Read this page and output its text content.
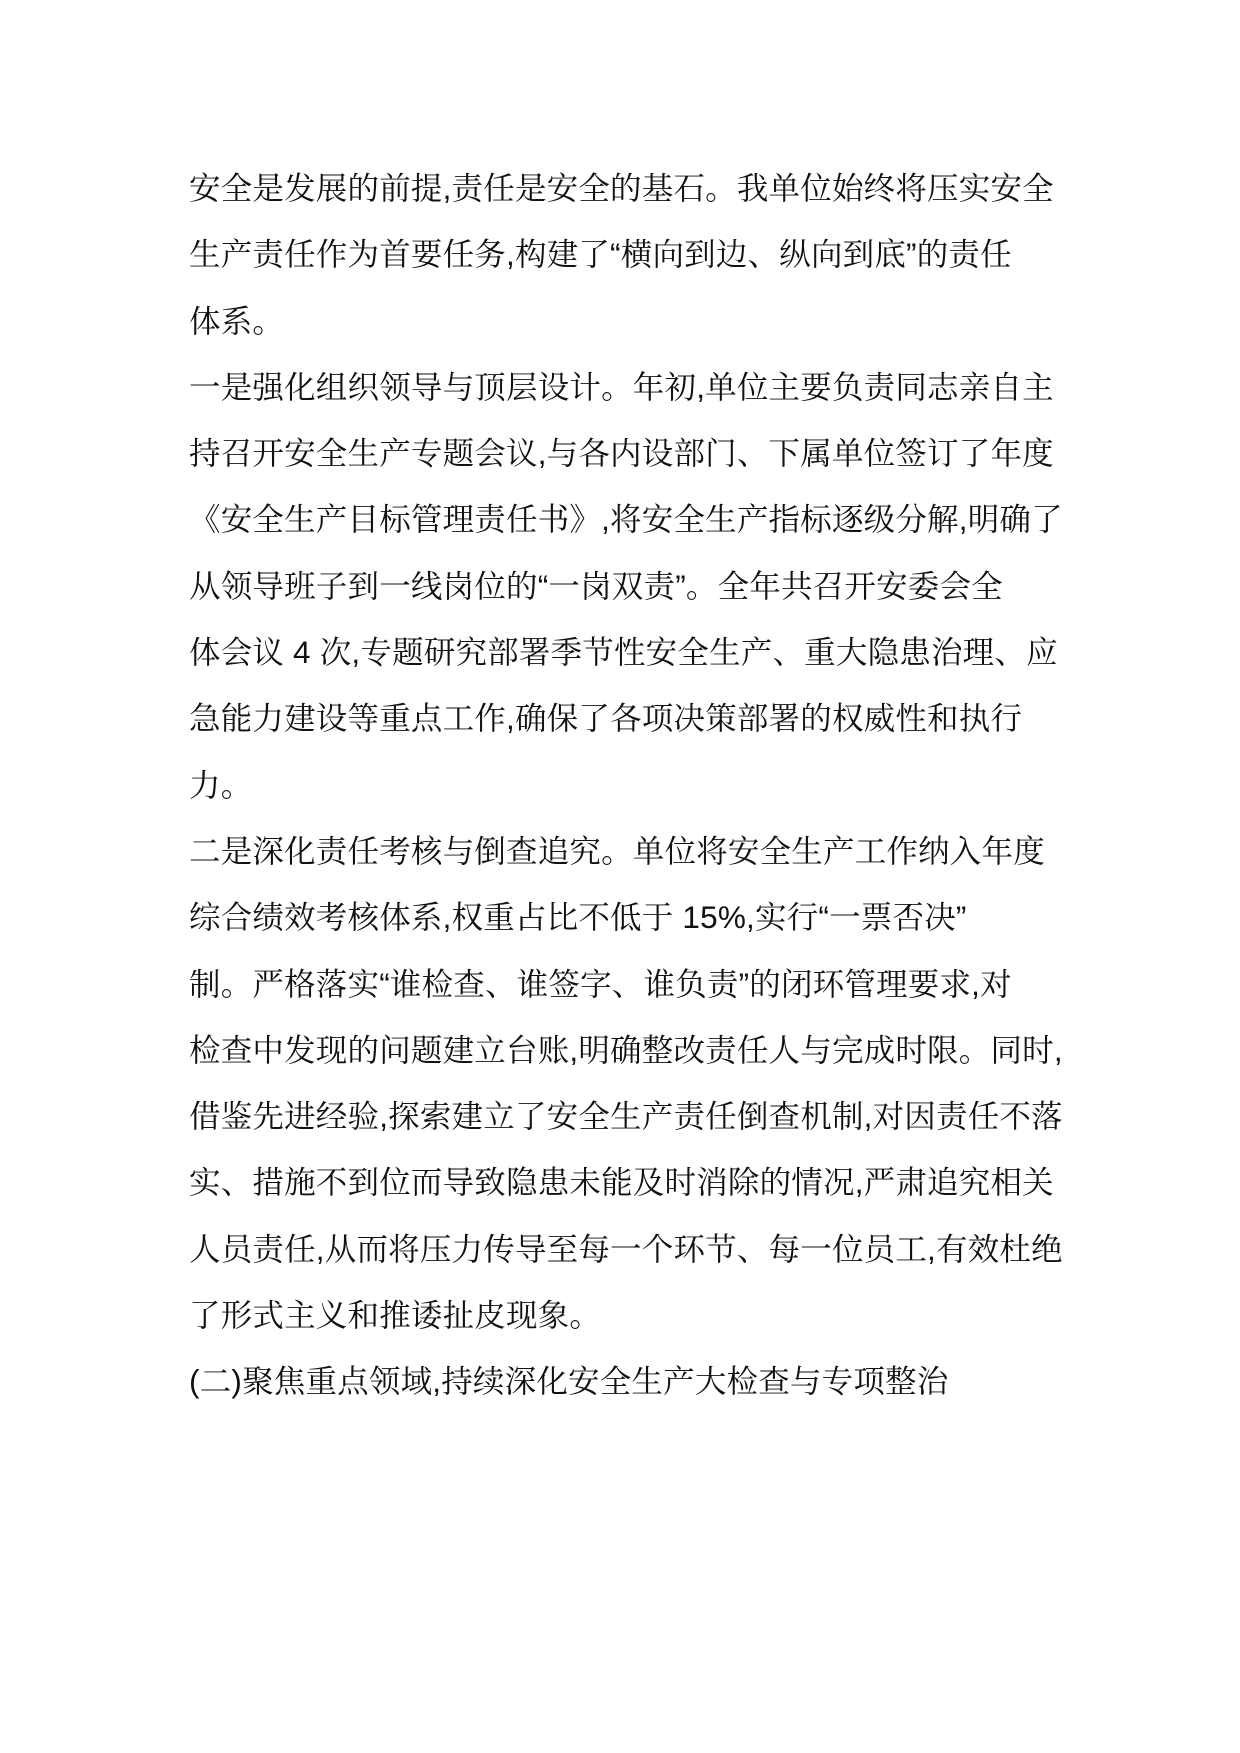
安全是发展的前提,责任是安全的基石。我单位始终将压实安全
生产责任作为首要任务,构建了“横向到边、纵向到底”的责任
体系。
一是强化组织领导与顶层设计。年初,单位主要负责同志亲自主
持召开安全生产专题会议,与各内设部门、下属单位签订了年度
《安全生产目标管理责任书》,将安全生产指标逐级分解,明确了
从领导班子到一线岗位的“一岗双责”。全年共召开安委会全
体会议 4 次,专题研究部署季节性安全生产、重大隐患治理、应
急能力建设等重点工作,确保了各项决策部署的权威性和执行
力。
二是深化责任考核与倒查追究。单位将安全生产工作纳入年度
综合绩效考核体系,权重占比不低于 15%,实行“一票否决”
制。严格落实“谁检查、谁签字、谁负责”的闭环管理要求,对
检查中发现的问题建立台账,明确整改责任人与完成时限。同时,
借鉴先进经验,探索建立了安全生产责任倒查机制,对因责任不落
实、措施不到位而导致隐患未能及时消除的情况,严肃追究相关
人员责任,从而将压力传导至每一个环节、每一位员工,有效杜绝
了形式主义和推诿扯皮现象。
(二)聚焦重点领域,持续深化安全生产大检查与专项整治
